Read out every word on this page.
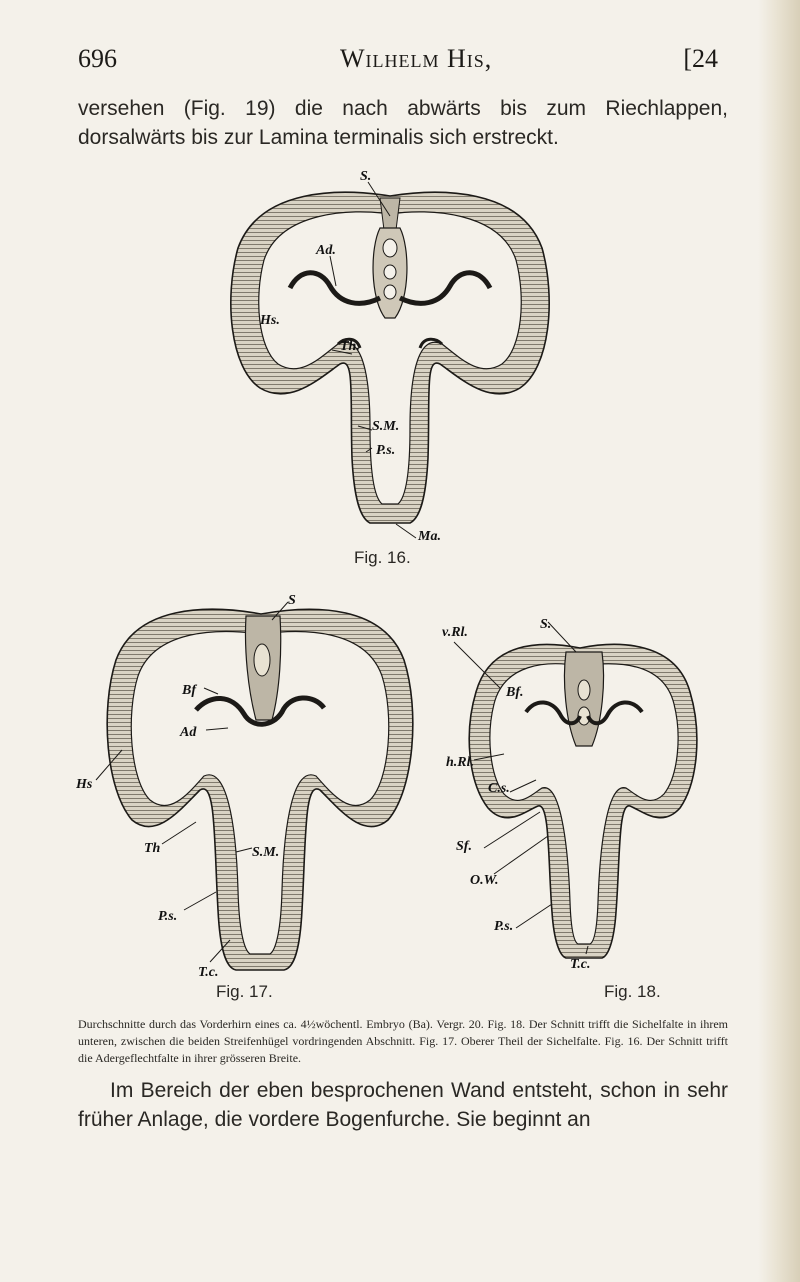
696	Wilhelm His,	[24
versehen (Fig. 19) die nach abwärts bis zum Riechlappen, dorsalwärts bis zur Lamina terminalis sich erstreckt.
S.
Ad.
Hs.
Th.
S.M.
P.s.
Ma.
Fig. 16.
S
Bf
Ad
Hs
Th	S.M.
P.s.
T.c.
Fig. 17.
v.Rl.
S.
Bf.
h.Rl.
C.s.
Sf.
O.W.
P.s.
T.c.
Fig. 18.
Durchschnitte durch das Vorderhirn eines ca. 4½wöchentl. Embryo (Ba). Vergr. 20. Fig. 18. Der Schnitt trifft die Sichelfalte in ihrem unteren, zwischen die beiden Streifenhügel vordringenden Abschnitt. Fig. 17. Oberer Theil der Sichelfalte. Fig. 16. Der Schnitt trifft die Adergeflechtfalte in ihrer grösseren Breite.
Im Bereich der eben besprochenen Wand entsteht, schon in sehr früher Anlage, die vordere Bogenfurche. Sie beginnt an
